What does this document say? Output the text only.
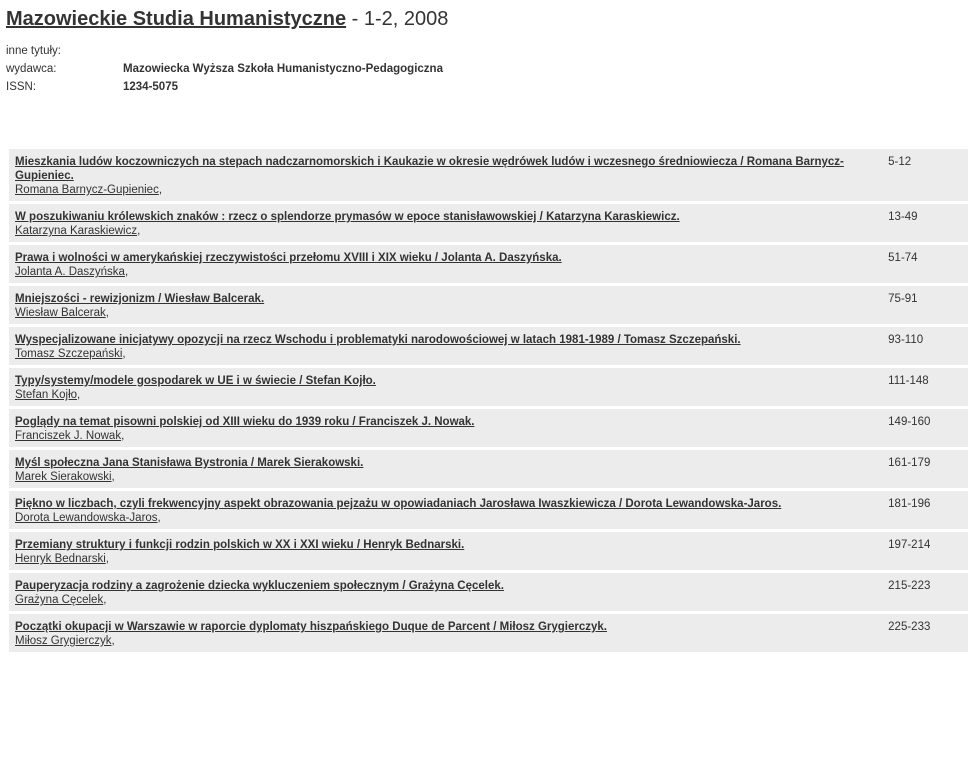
Mazowieckie Studia Humanistyczne - 1-2, 2008
inne tytuły:
wydawca:	Mazowiecka Wyższa Szkoła Humanistyczno-Pedagogiczna
ISSN:	1234-5075
Mieszkania ludów koczowniczych na stepach nadczarnomorskich i Kaukazie w okresie wędrówek ludów i wczesnego średniowiecza / Romana Barnycz-Gupieniec.
Romana Barnycz-Gupieniec,	5-12

W poszukiwaniu królewskich znaków : rzecz o splendorze prymasów w epoce stanisławowskiej / Katarzyna Karaskiewicz.
Katarzyna Karaskiewicz,	13-49

Prawa i wolności w amerykańskiej rzeczywistości przełomu XVIII i XIX wieku / Jolanta A. Daszyńska.
Jolanta A. Daszyńska,	51-74

Mniejszości - rewizjonizm / Wiesław Balcerak.
Wiesław Balcerak,	75-91

Wyspecjalizowane inicjatywy opozycji na rzecz Wschodu i problematyki narodowościowej w latach 1981-1989 / Tomasz Szczepański.
Tomasz Szczepański,	93-110

Typy/systemy/modele gospodarek w UE i w świecie / Stefan Kojło.
Stefan Kojło,	111-148

Poglądy na temat pisowni polskiej od XIII wieku do 1939 roku / Franciszek J. Nowak.
Franciszek J. Nowak,	149-160

Myśl społeczna Jana Stanisława Bystronia / Marek Sierakowski.
Marek Sierakowski,	161-179

Piękno w liczbach, czyli frekwencyjny aspekt obrazowania pejzażu w opowiadaniach Jarosława Iwaszkiewicza / Dorota Lewandowska-Jaros.
Dorota Lewandowska-Jaros,	181-196

Przemiany struktury i funkcji rodzin polskich w XX i XXI wieku / Henryk Bednarski.
Henryk Bednarski,	197-214

Pauperyzacja rodziny a zagrożenie dziecka wykluczeniem społecznym / Grażyna Cęcelek.
Grażyna Cęcelek,	215-223

Początki okupacji w Warszawie w raporcie dyplomaty hiszpańskiego Duque de Parcent / Miłosz Grygierczyk.
Miłosz Grygierczyk,	225-233
